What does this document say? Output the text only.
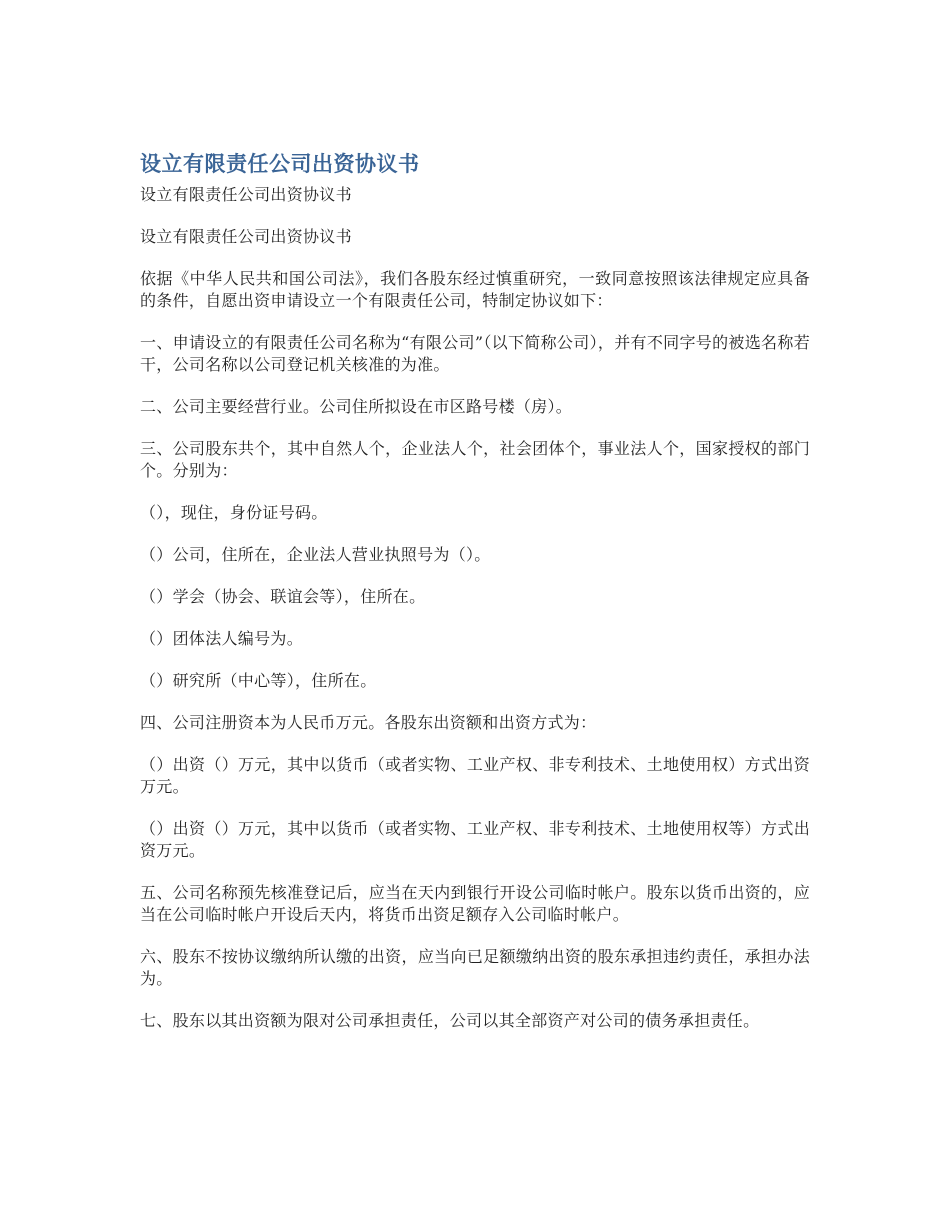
设立有限责任公司出资协议书
设立有限责任公司出资协议书
设立有限责任公司出资协议书
依据《中华人民共和国公司法》，我们各股东经过慎重研究，一致同意按照该法律规定应具备的条件，自愿出资申请设立一个有限责任公司，特制定协议如下：
一、申请设立的有限责任公司名称为“有限公司”（以下简称公司），并有不同字号的被选名称若干，公司名称以公司登记机关核准的为准。
二、公司主要经营行业。公司住所拟设在市区路号楼（房）。
三、公司股东共个，其中自然人个，企业法人个，社会团体个，事业法人个，国家授权的部门个。分别为：
（），现住，身份证号码。
（）公司，住所在，企业法人营业执照号为（）。
（）学会（协会、联谊会等），住所在。
（）团体法人编号为。
（）研究所（中心等），住所在。
四、公司注册资本为人民币万元。各股东出资额和出资方式为：
（）出资（）万元，其中以货币（或者实物、工业产权、非专利技术、土地使用权）方式出资万元。
（）出资（）万元，其中以货币（或者实物、工业产权、非专利技术、土地使用权等）方式出资万元。
五、公司名称预先核准登记后，应当在天内到银行开设公司临时帐户。股东以货币出资的，应当在公司临时帐户开设后天内，将货币出资足额存入公司临时帐户。
六、股东不按协议缴纳所认缴的出资，应当向已足额缴纳出资的股东承担违约责任，承担办法为。
七、股东以其出资额为限对公司承担责任，公司以其全部资产对公司的债务承担责任。
